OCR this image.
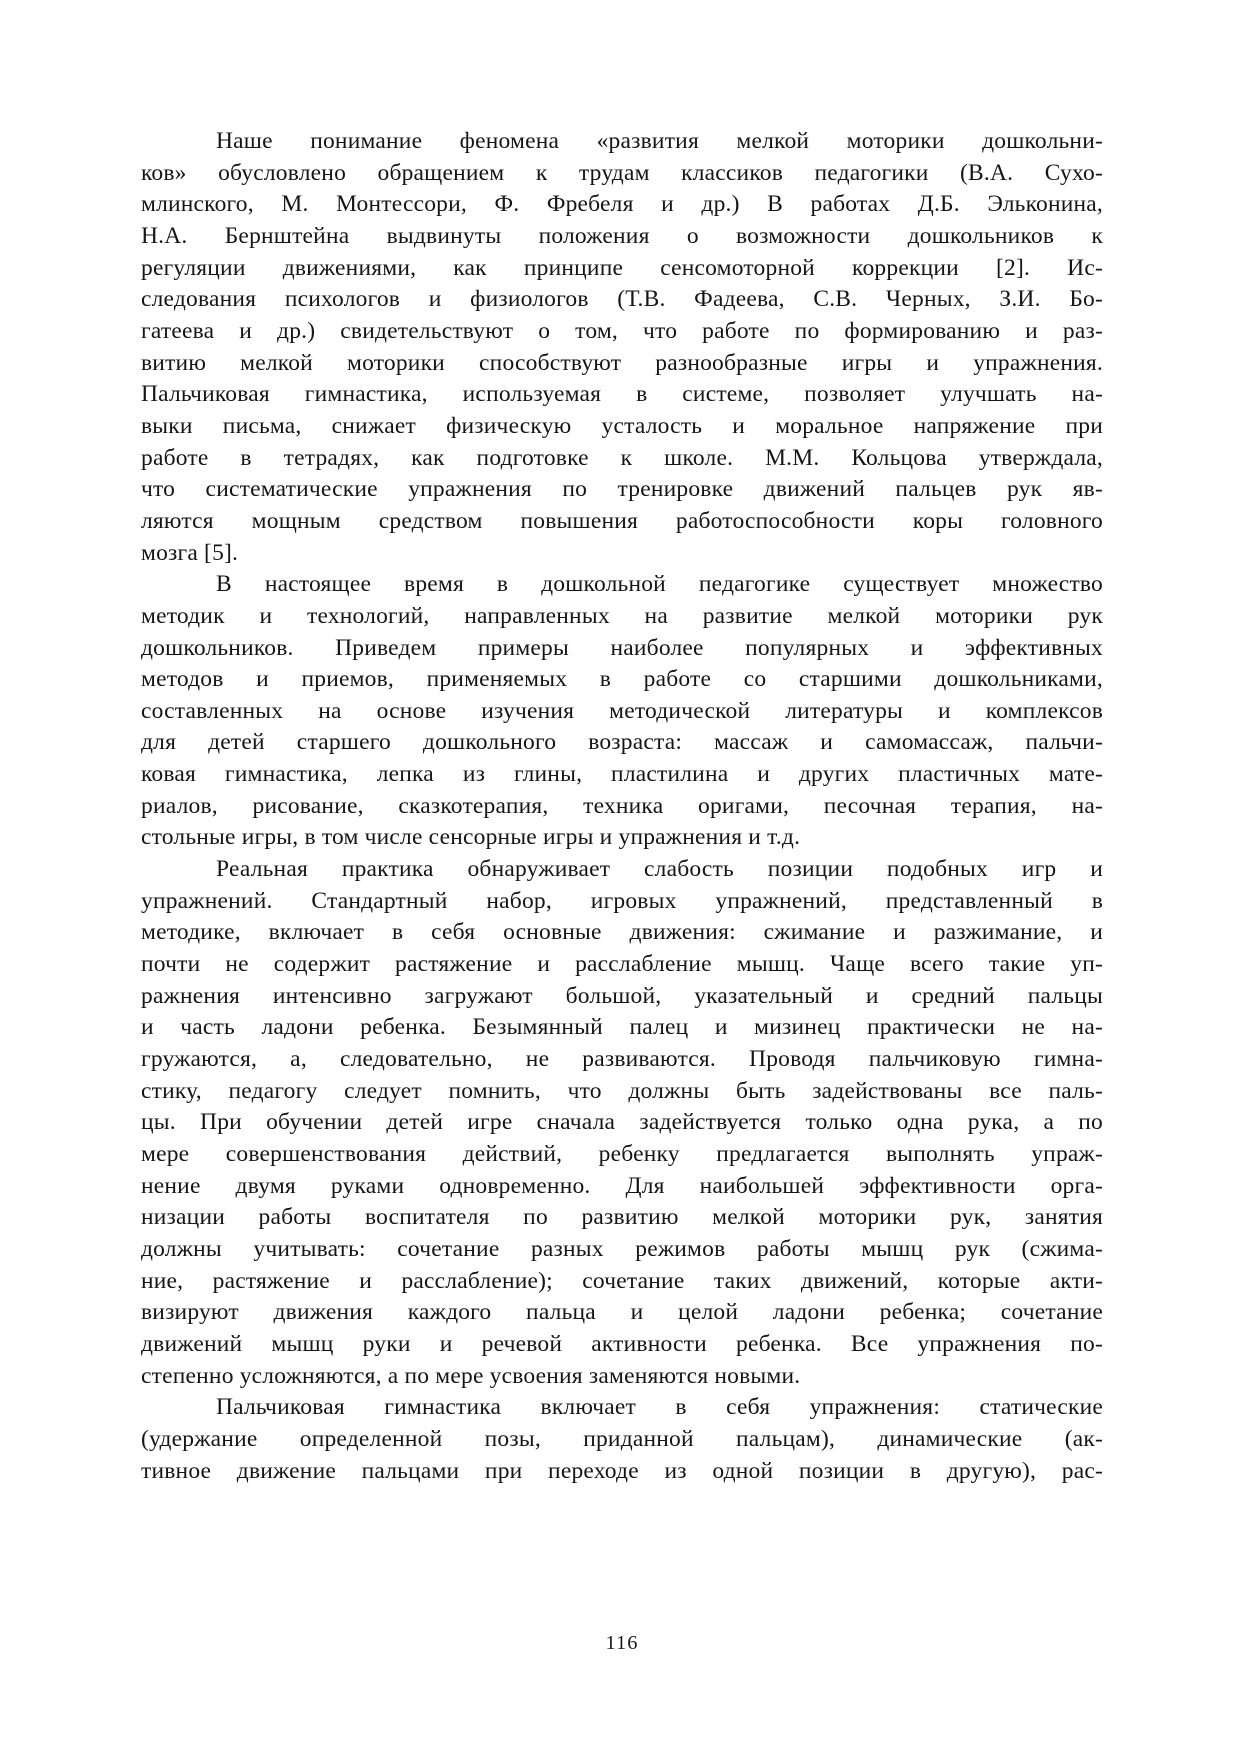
Наше понимание феномена «развития мелкой моторики дошкольни-
ков» обусловлено обращением к трудам классиков педагогики (В.А. Сухо-
млинского, М. Монтессори, Ф. Фребеля и др.) В работах Д.Б. Эльконина,
Н.А. Бернштейна выдвинуты положения о возможности дошкольников к
регуляции движениями, как принципе сенсомоторной коррекции [2]. Ис-
следования психологов и физиологов (Т.В. Фадеева, С.В. Черных, З.И. Бо-
гатеева и др.) свидетельствуют о том, что работе по формированию и раз-
витию мелкой моторики способствуют разнообразные игры и упражнения.
Пальчиковая гимнастика, используемая в системе, позволяет улучшать на-
выки письма, снижает физическую усталость и моральное напряжение при
работе в тетрадях, как подготовке к школе. М.М. Кольцова утверждала,
что систематические упражнения по тренировке движений пальцев рук яв-
ляются мощным средством повышения работоспособности коры головного
мозга [5].
В настоящее время в дошкольной педагогике существует множество
методик и технологий, направленных на развитие мелкой моторики рук
дошкольников. Приведем примеры наиболее популярных и эффективных
методов и приемов, применяемых в работе со старшими дошкольниками,
составленных на основе изучения методической литературы и комплексов
для детей старшего дошкольного возраста: массаж и самомассаж, пальчи-
ковая гимнастика, лепка из глины, пластилина и других пластичных мате-
риалов, рисование, сказкотерапия, техника оригами, песочная терапия, на-
стольные игры, в том числе сенсорные игры и упражнения и т.д.
Реальная практика обнаруживает слабость позиции подобных игр и
упражнений. Стандартный набор, игровых упражнений, представленный в
методике, включает в себя основные движения: сжимание и разжимание, и
почти не содержит растяжение и расслабление мышц. Чаще всего такие уп-
ражнения интенсивно загружают большой, указательный и средний пальцы
и часть ладони ребенка. Безымянный палец и мизинец практически не на-
гружаются, а, следовательно, не развиваются. Проводя пальчиковую гимна-
стику, педагогу следует помнить, что должны быть задействованы все паль-
цы. При обучении детей игре сначала задействуется только одна рука, а по
мере совершенствования действий, ребенку предлагается выполнять упраж-
нение двумя руками одновременно. Для наибольшей эффективности орга-
низации работы воспитателя по развитию мелкой моторики рук, занятия
должны учитывать: сочетание разных режимов работы мышц рук (сжима-
ние, растяжение и расслабление); сочетание таких движений, которые акти-
визируют движения каждого пальца и целой ладони ребенка; сочетание
движений мышц руки и речевой активности ребенка. Все упражнения по-
степенно усложняются, а по мере усвоения заменяются новыми.
Пальчиковая гимнастика включает в себя упражнения: статические
(удержание определенной позы, приданной пальцам), динамические (ак-
тивное движение пальцами при переходе из одной позиции в другую), рас-
116
